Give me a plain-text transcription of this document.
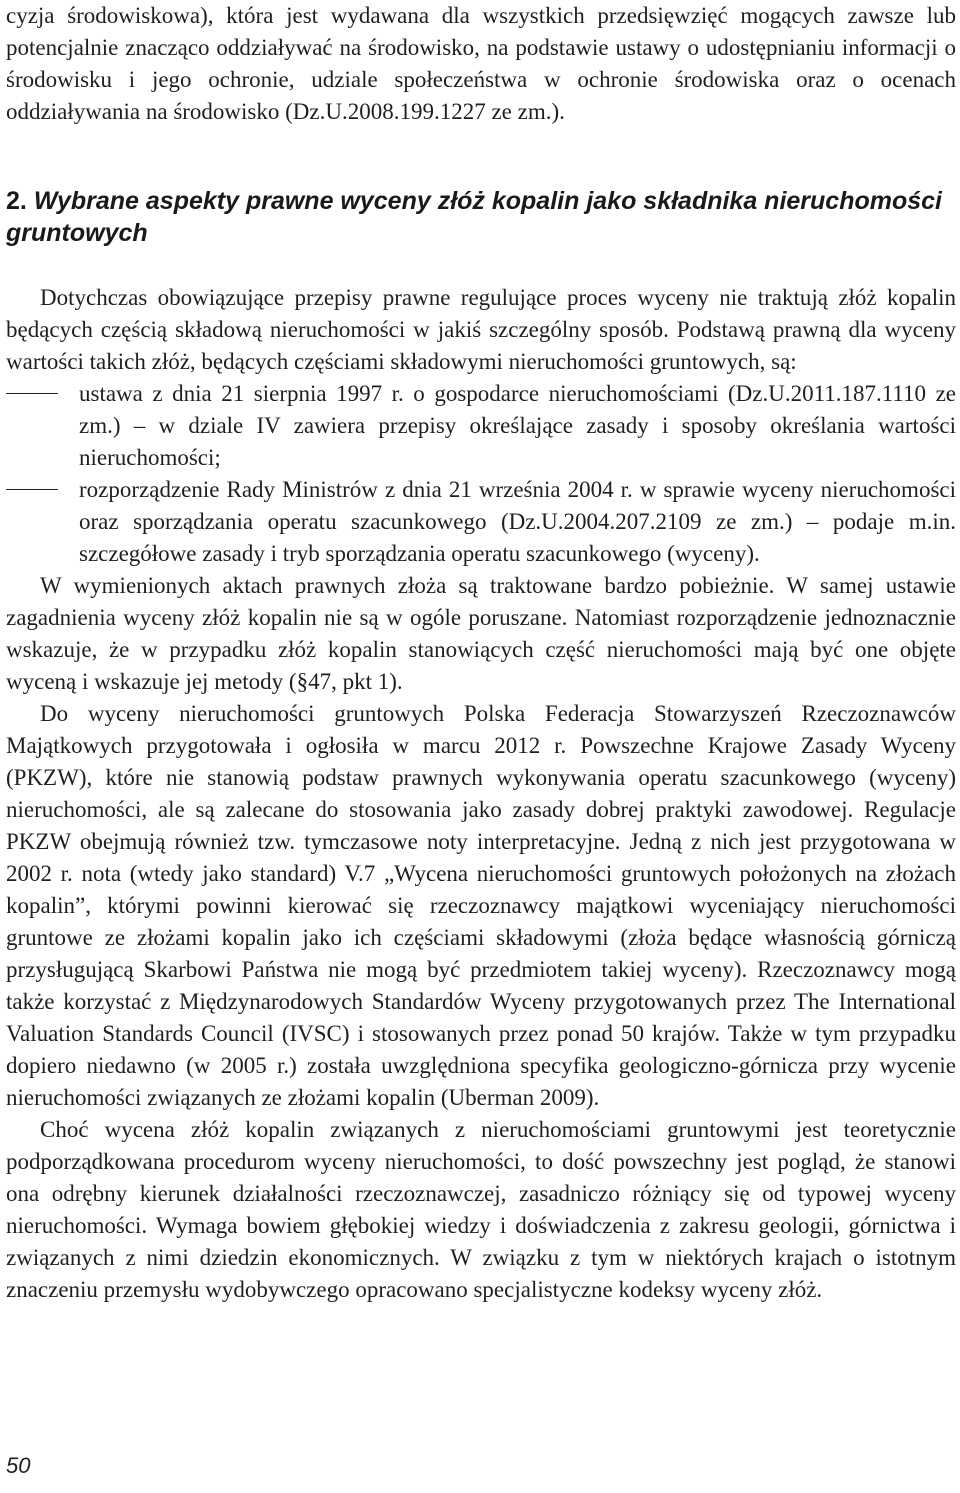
cyzja środowiskowa), która jest wydawana dla wszystkich przedsięwzięć mogących zawsze lub potencjalnie znacząco oddziaływać na środowisko, na podstawie ustawy o udostępnianiu informacji o środowisku i jego ochronie, udziale społeczeństwa w ochronie środowiska oraz o ocenach oddziaływania na środowisko (Dz.U.2008.199.1227 ze zm.).

2. Wybrane aspekty prawne wyceny złóż kopalin jako składnika nieruchomości gruntowych

Dotychczas obowiązujące przepisy prawne regulujące proces wyceny nie traktują złóż kopalin będących częścią składową nieruchomości w jakiś szczególny sposób. Podstawą prawną dla wyceny wartości takich złóż, będących częściami składowymi nieruchomości gruntowych, są:

ustawa z dnia 21 sierpnia 1997 r. o gospodarce nieruchomościami (Dz.U.2011.187.1110 ze zm.) – w dziale IV zawiera przepisy określające zasady i sposoby określania wartości nieruchomości;
rozporządzenie Rady Ministrów z dnia 21 września 2004 r. w sprawie wyceny nieruchomości oraz sporządzania operatu szacunkowego (Dz.U.2004.207.2109 ze zm.) – podaje m.in. szczegółowe zasady i tryb sporządzania operatu szacunkowego (wyceny).

W wymienionych aktach prawnych złoża są traktowane bardzo pobieżnie. W samej ustawie zagadnienia wyceny złóż kopalin nie są w ogóle poruszane. Natomiast rozporządzenie jednoznacznie wskazuje, że w przypadku złóż kopalin stanowiących część nieruchomości mają być one objęte wyceną i wskazuje jej metody (§47, pkt 1).

Do wyceny nieruchomości gruntowych Polska Federacja Stowarzyszeń Rzeczoznawców Majątkowych przygotowała i ogłosiła w marcu 2012 r. Powszechne Krajowe Zasady Wyceny (PKZW), które nie stanowią podstaw prawnych wykonywania operatu szacunkowego (wyceny) nieruchomości, ale są zalecane do stosowania jako zasady dobrej praktyki zawodowej. Regulacje PKZW obejmują również tzw. tymczasowe noty interpretacyjne. Jedną z nich jest przygotowana w 2002 r. nota (wtedy jako standard) V.7 „Wycena nieruchomości gruntowych położonych na złożach kopalin”, którymi powinni kierować się rzeczoznawcy majątkowi wyceniający nieruchomości gruntowe ze złożami kopalin jako ich częściami składowymi (złoża będące własnością górniczą przysługującą Skarbowi Państwa nie mogą być przedmiotem takiej wyceny). Rzeczoznawcy mogą także korzystać z Międzynarodowych Standardów Wyceny przygotowanych przez The International Valuation Standards Council (IVSC) i stosowanych przez ponad 50 krajów. Także w tym przypadku dopiero niedawno (w 2005 r.) została uwzględniona specyfika geologiczno-górnicza przy wycenie nieruchomości związanych ze złożami kopalin (Uberman 2009).

Choć wycena złóż kopalin związanych z nieruchomościami gruntowymi jest teoretycznie podporządkowana procedurom wyceny nieruchomości, to dość powszechny jest pogląd, że stanowi ona odrębny kierunek działalności rzeczoznawczej, zasadniczo różniący się od typowej wyceny nieruchomości. Wymaga bowiem głębokiej wiedzy i doświadczenia z zakresu geologii, górnictwa i związanych z nimi dziedzin ekonomicznych. W związku z tym w niektórych krajach o istotnym znaczeniu przemysłu wydobywczego opracowano specjalistyczne kodeksy wyceny złóż.

50
